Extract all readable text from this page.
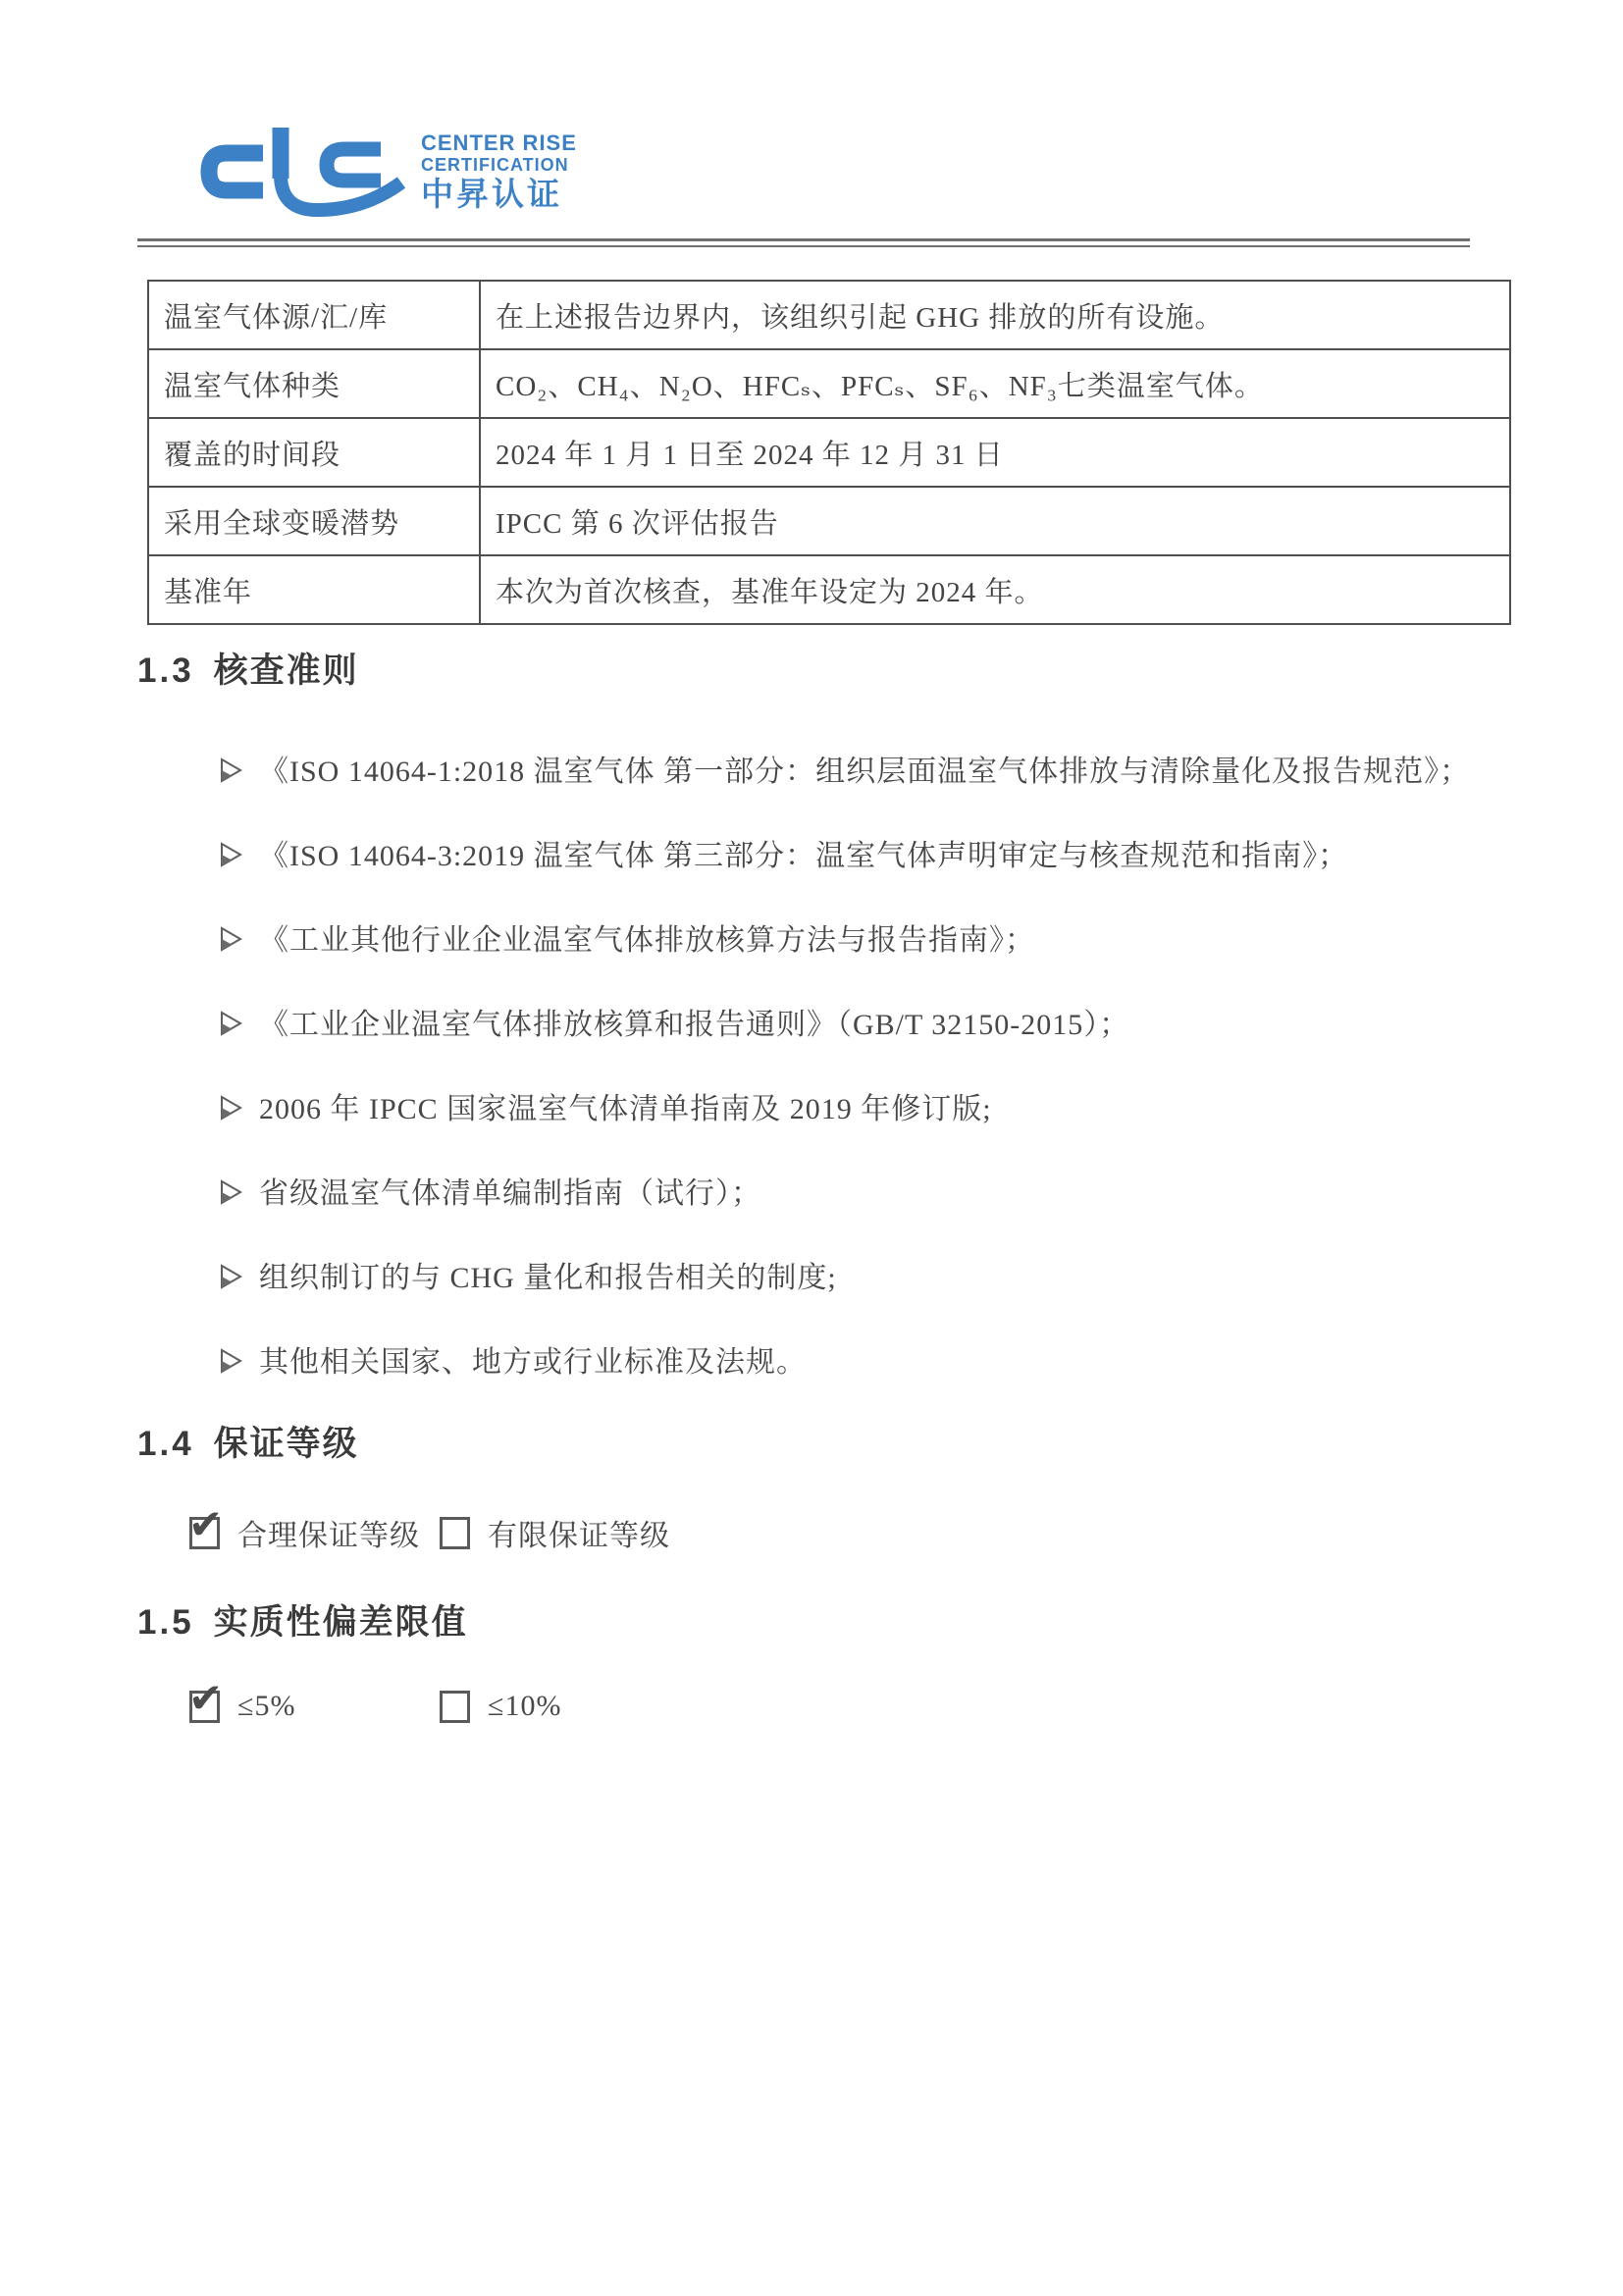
CENTER RISE
CERTIFICATION
中昇认证
温室气体源/汇/库	在上述报告边界内，该组织引起 GHG 排放的所有设施。
温室气体种类	CO₂、CH₄、N₂O、HFCₛ、PFCₛ、SF₆、NF₃七类温室气体。
覆盖的时间段	2024 年 1 月 1 日至 2024 年 12 月 31 日
采用全球变暖潜势	IPCC 第 6 次评估报告
基准年	本次为首次核查，基准年设定为 2024 年。
1.3 核查准则
《ISO 14064-1:2018 温室气体 第一部分：组织层面温室气体排放与清除量化及报告规范》；
《ISO 14064-3:2019 温室气体 第三部分：温室气体声明审定与核查规范和指南》；
《工业其他行业企业温室气体排放核算方法与报告指南》；
《工业企业温室气体排放核算和报告通则》（GB/T 32150-2015）；
2006 年 IPCC 国家温室气体清单指南及 2019 年修订版;
省级温室气体清单编制指南（试行）；
组织制订的与 CHG 量化和报告相关的制度;
其他相关国家、地方或行业标准及法规。
1.4 保证等级
✔ 合理保证等级 有限保证等级
1.5 实质性偏差限值
✔ ≤5%	≤10%
